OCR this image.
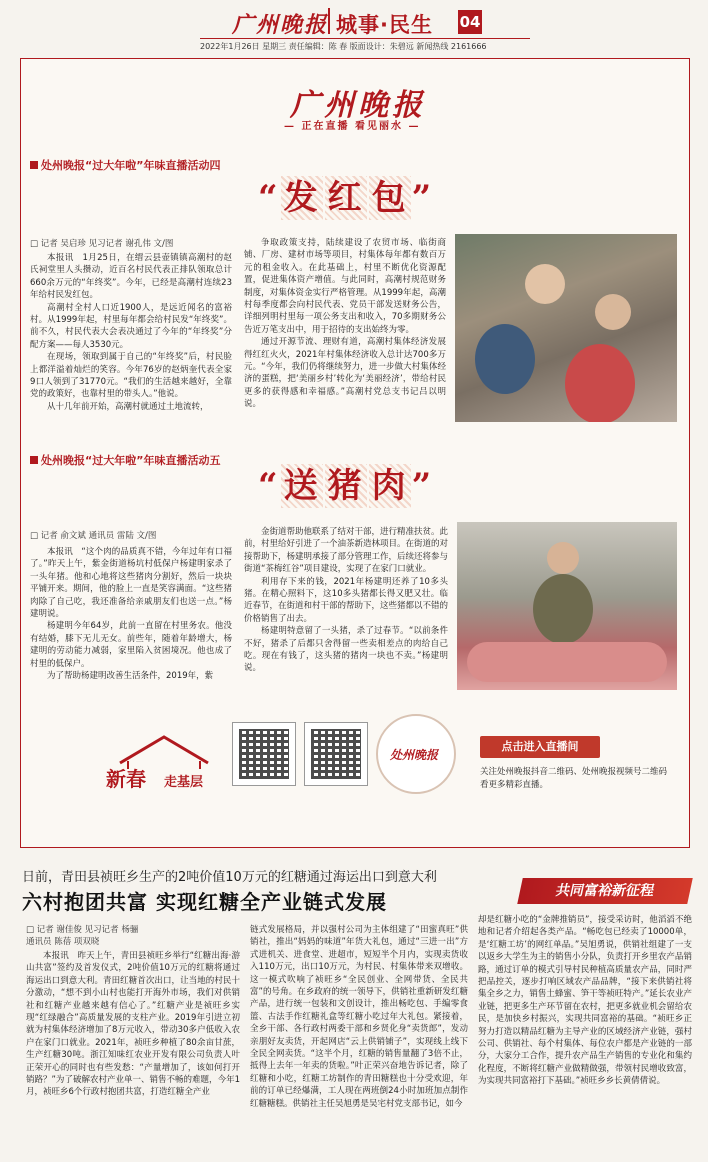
广州晚报 城事·民生 04
2022年1月26日 星期三 责任编辑：陈 春 版面设计：朱碧远 新闻热线 2161666
广州晚报
— 正在直播 看见丽水 —
处州晚报“过大年啦”年味直播活动四
“ 发 红 包 ”
□ 记者 吴启珍 见习记者 谢孔伟 文/图

本报讯　1月25日，在缙云县壶镇镇高潮村的赵氏祠堂里人头攒动，近百名村民代表正排队领取总计660余万元的“年终奖”。今年，已经是高潮村连续23年给村民发红包。

高潮村全村人口近1900人，是远近闻名的富裕村。从1999年起，村里每年都会给村民发“年终奖”。前不久，村民代表大会表决通过了今年的“年终奖”分配方案——每人3530元。

在现场，领取到属于自己的“年终奖”后，村民脸上都洋溢着灿烂的笑容。今年76岁的赵炳奎代表全家9口人领到了31770元。“我们的生活越来越好，全靠党的政策好，也靠村里的带头人。”他说。

从十几年前开始，高潮村就通过土地流转，

争取政策支持，陆续建设了农贸市场、临街商铺、厂房、建材市场等项目，村集体每年都有数百万元的租金收入。在此基础上，村里不断优化资源配置，促进集体资产增值。与此同时，高潮村规范财务制度，对集体资金实行严格管理。从1999年起，高潮村每季度都会向村民代表、党员干部发送财务公告，详细列明村里每一项公务支出和收入，70多期财务公告近万笔支出中，用于招待的支出始终为零。

通过开源节流、理财有道，高潮村集体经济发展得红红火火，2021年村集体经济收入总计达700多万元。“今年，我们仍将继续努力，进一步做大村集体经济的蛋糕，把‘美丽乡村’转化为‘美丽经济’，带给村民更多的获得感和幸福感。”高潮村党总支书记吕以明说。

处州晚报“过大年啦”年味直播活动五
“ 送 猪 肉 ”
□ 记者 俞文斌 通讯员 雷陆 文/图

本报讯　“这个肉的品质真不错，今年过年有口福了。”昨天上午，紫金街道杨坑村低保户杨建明家杀了一头年猪。他和心地将这些猪肉分割好，然后一块块平铺开来。期间，他的脸上一直是笑容满面。“这些猪肉除了自己吃，我还准备给亲戚朋友们也送一点。”杨建明说。

杨建明今年64岁，此前一直留在村里务农。他没有结婚，膝下无儿无女。前些年，随着年龄增大，杨建明的劳动能力减弱，家里陷入贫困境况。他也成了村里的低保户。

为了帮助杨建明改善生活条件，2019年，紫

金街道帮助他联系了结对干部，进行精准扶贫。此前，村里给好引进了一个油茶新造林项目。在街道的对接帮助下，杨建明承接了部分管理工作，后续还将参与街道“茶梅红谷”项目建设，实现了在家门口就业。

利用存下来的钱，2021年杨建明还养了10多头猪。在精心照料下，这10多头猪都长得又肥又壮。临近春节，在街道和村干部的帮助下，这些猪都以不错的价格销售了出去。

杨建明特意留了一头猪，杀了过春节。“以前条件不好，猪杀了后都只舍得留一些卖相差点的肉给自己吃。现在有钱了，这头猪的猪肉一块也不卖。”杨建明说。

新春 走基层
处州晚报
点击进入直播间
关注处州晚报抖音二维码、处州晚报视频号二维码看更多精彩直播。
日前，青田县祯旺乡生产的2吨价值10万元的红糖通过海运出口到意大利
六村抱团共富 实现红糖全产业链式发展	共同富裕新征程
□ 记者 谢佳俊 见习记者 杨骊
通讯员 陈蓓 项双晓
本报讯　昨天上午，青田县祯旺乡举行“红糖出海·游山共富”签约及首发仪式，2吨价值10万元的红糖将通过海运出口到意大利。青田红糖首次出口，让当地的村民十分激动，“想不到小山村也能打开海外市场，我们对供销社和红糖产业越来越有信心了。”红糖产业是祯旺乡实现“红绿融合”高质量发展的支柱产业。2019年引进立初就为村集体经济增加了8万元收入，带动30多户低收入农户在家门口就业。2021年，祯旺乡种植了80余亩甘蔗，生产红糖30吨。浙江知味红农业开发有限公司负责人叶正荣开心的同时也有些发愁：“产量增加了，该如何打开销路？”为了破解农村产业单一、销售不畅的难题，今年1月，祯旺乡6个行政村抱团共富，打造红糖全产业
链式发展格局，并以强村公司为主体组建了“田蜜真旺”供销社，推出“妈妈的味道”年货大礼包，通过“三进一出”方式进机关、进食堂、进超市，短短半个月内，实现卖货收入110万元，出口10万元，为村民、村集体带来双增收。这一模式吹响了祯旺乡“全民创业、全网带货、全民共富”的号角。在乡政府的统一领导下，供销社重新研发红糖产品，进行统一包装和文创设计，推出畅吃包、手编零食篮、古法手作红糖礼盒等红糖小吃过年大礼包。紧接着，全乡干部、各行政村两委干部和乡贤化身“卖货郎”，发动亲朋好友卖货，开起网店“云上供销铺子”，实现线上线下全民全网卖货。“这半个月，红糖的销售量翻了3倍不止，抵得上去年一年卖的货啦。”叶正荣兴奋地告诉记者，除了红糖和小吃，红糖工坊制作的青田糖糕也十分受欢迎，年前的订单已经爆满，工人现在两班倒24小时加班加点制作红糖糖糕。供销社主任吴旭勇是吴宅村党支部书记，如今
却是红糖小吃的“金牌推销员”，接受采访时，他滔滔不绝地和记者介绍起各类产品。“畅吃包已经卖了10000单，是‘红糖工坊’的网红单品。”吴旭勇说，供销社组建了一支以返乡大学生为主的销售小分队，负责打开乡里农产品销路，通过订单的模式引导村民种植高质量农产品，同时严把品控关，逐步打响区域农产品品牌，“接下来供销社将集全乡之力，销售土蜂蜜、笋干等祯旺特产。”延长农业产业链，把更多生产环节留在农村，把更多就业机会留给农民，是加快乡村振兴，实现共同富裕的基础。“祯旺乡正努力打造以精品红糖为主导产业的区域经济产业链，强村公司、供销社、每个村集体、每位农户都是产业链的一部分，大家分工合作，提升农产品生产销售的专业化和集约化程度，不断将红糖产业做精做强，带领村民增收致富，为实现共同富裕打下基础。”祯旺乡乡长黄倩倩说。
